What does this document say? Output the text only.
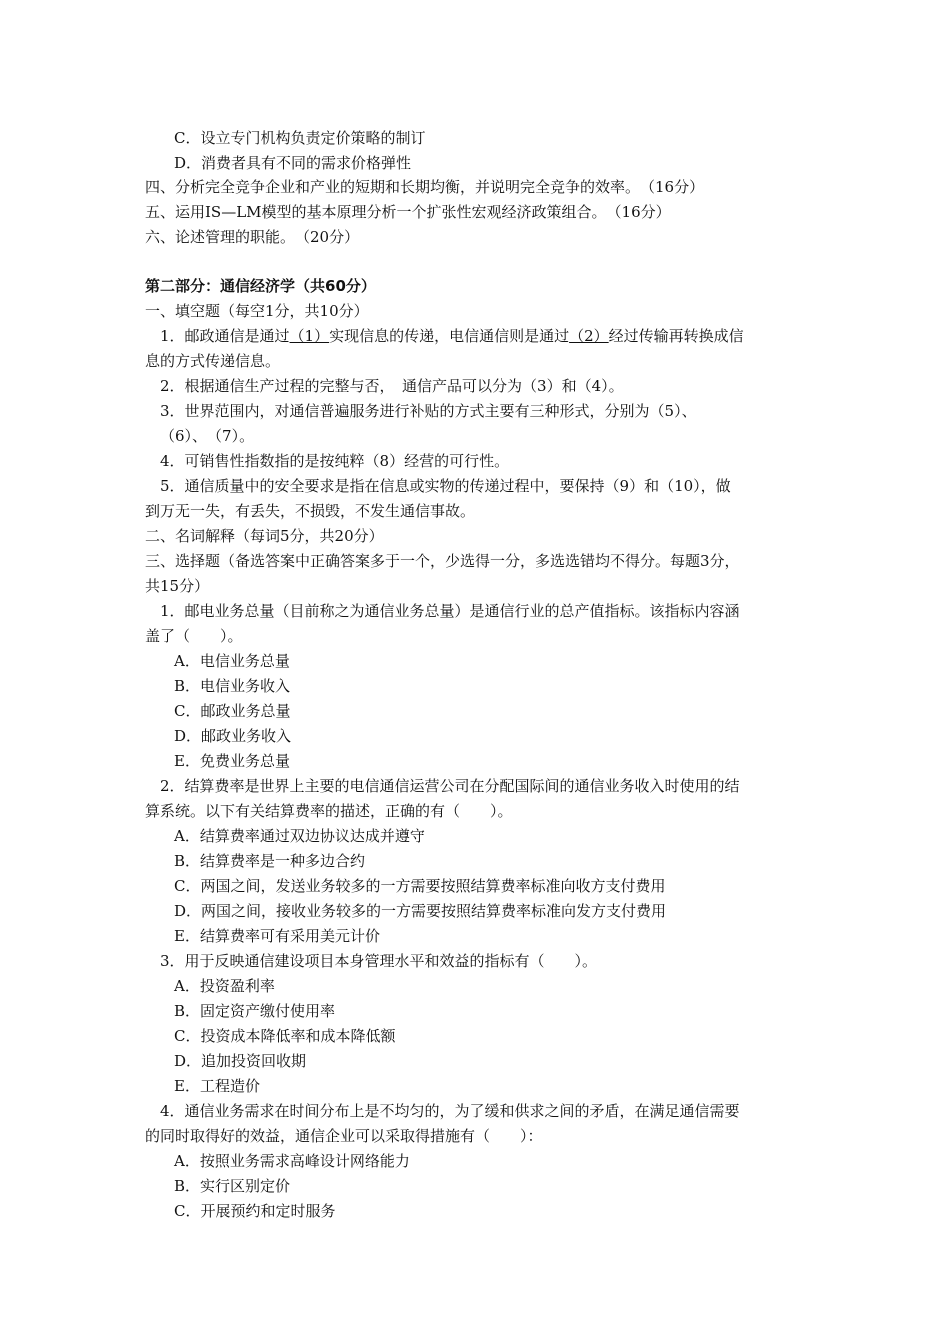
C．设立专门机构负责定价策略的制订
D．消费者具有不同的需求价格弹性
四、分析完全竞争企业和产业的短期和长期均衡，并说明完全竞争的效率。　（16分）
五、运用IS—LM模型的基本原理分析一个扩张性宏观经济政策组合。　（16分）
六、论述管理的职能。　（20分）
第二部分：通信经济学（共60分）
一、填空题（每空1分，共10分）
1．邮政通信是通过（1）实现信息的传递，电信通信则是通过（2）经过传输再转换成信
息的方式传递信息。
2．根据通信生产过程的完整与否，　通信产品可以分为（3）和（4）。
3．世界范围内，对通信普遍服务进行补贴的方式主要有三种形式，分别为（5）、
（6）、　（7）。
4．可销售性指数指的是按纯粹（8）经营的可行性。
5．通信质量中的安全要求是指在信息或实物的传递过程中，要保持（9）和（10），做
到万无一失，有丢失，不损毁，不发生通信事故。
二、名词解释（每词5分，共20分）
三、选择题（备选答案中正确答案多于一个，少选得一分，多选选错均不得分。每题3分，
共15分）
1．邮电业务总量（目前称之为通信业务总量）是通信行业的总产值指标。该指标内容涵
盖了（　　）。
A．电信业务总量
B．电信业务收入
C．邮政业务总量
D．邮政业务收入
E．免费业务总量
2．结算费率是世界上主要的电信通信运营公司在分配国际间的通信业务收入时使用的结
算系统。以下有关结算费率的描述，正确的有（　　）。
A．结算费率通过双边协议达成并遵守
B．结算费率是一种多边合约
C．两国之间，发送业务较多的一方需要按照结算费率标准向收方支付费用
D．两国之间，接收业务较多的一方需要按照结算费率标准向发方支付费用
E．结算费率可有采用美元计价
3．用于反映通信建设项目本身管理水平和效益的指标有（　　）。
A．投资盈利率
B．固定资产缴付使用率
C．投资成本降低率和成本降低额
D．追加投资回收期
E．工程造价
4．通信业务需求在时间分布上是不均匀的，为了缓和供求之间的矛盾，在满足通信需要
的同时取得好的效益，通信企业可以采取得措施有（　　）：
A．按照业务需求高峰设计网络能力
B．实行区别定价
C．开展预约和定时服务
